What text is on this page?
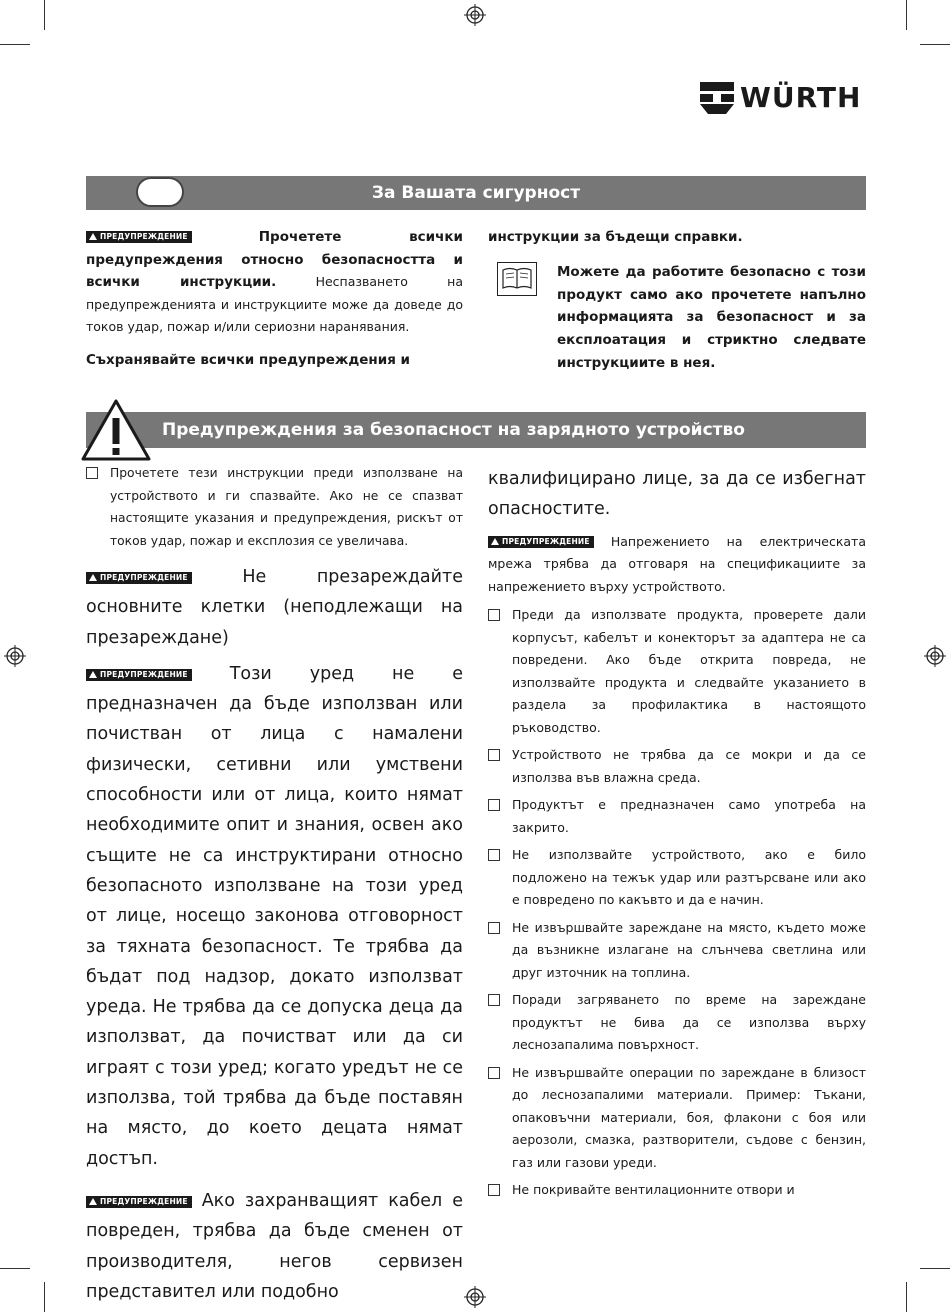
WÜRTH
За Вашата сигурност

ПРЕДУПРЕЖДЕНИЕ	Прочетете всички предупреждения относно безопасността и всички инструкции. Неспазването на предупрежденията и инструкциите може да доведе до токов удар, пожар и/или сериозни наранявания.

Съхранявайте всички предупреждения и

инструкции за бъдещи справки.
Можете да работите безопасно с този продукт само ако прочетете напълно информацията за безопасност и за експлоатация и стриктно следвате инструкциите в нея.
Предупреждения за безопасност на зарядното устройство
Прочетете тези инструкции преди използване на устройството и ги спазвайте. Ако не се спазват настоящите указания и предупреждения, рискът от токов удар, пожар и експлозия се увеличава.

ПРЕДУПРЕЖДЕНИЕ	Не презареждайте основните клетки (неподлежащи на презареждане)

ПРЕДУПРЕЖДЕНИЕ Този уред не е предназначен да бъде използван или почистван от лица с намалени физически, сетивни или умствени способности или от лица, които нямат необходимите опит и знания, освен ако същите не са инструктирани относно безопасното използване на този уред от лице, носещо законова отговорност за тяхната безопасност. Те трябва да бъдат под надзор, докато използват уреда. Не трябва да се допуска деца да използват, да почистват или да си играят с този уред; когато уредът не се използва, той трябва да бъде поставян на място, до което децата нямат достъп.

ПРЕДУПРЕЖДЕНИЕ Ако захранващият кабел е повреден, трябва да бъде сменен от производителя, негов сервизен представител или подобно

квалифицирано лице, за да се избегнат опасностите.

ПРЕДУПРЕЖДЕНИЕ Напрежението на електрическата мрежа трябва да отговаря на спецификациите за напрежението върху устройството.

Преди да използвате продукта, проверете дали корпусът, кабелът и конекторът за адаптера не са повредени. Ако бъде открита повреда, не използвайте продукта и следвайте указанието в раздела за профилактика в настоящото ръководство.
Устройството не трябва да се мокри и да се използва във влажна среда.
Продуктът е предназначен само употреба на закрито.
Не използвайте устройството, ако е било подложено на тежък удар или разтърсване или ако е повредено по какъвто и да е начин.
Не извършвайте зареждане на място, където може да възникне излагане на слънчева светлина или друг източник на топлина.
Поради загряването по време на зареждане продуктът не бива да се използва върху леснозапалима повърхност.
Не извършвайте операции по зареждане в близост до леснозапалими материали. Пример: Тъкани, опаковъчни материали, боя, флакони с боя или аерозоли, смазка, разтворители, съдове с бензин, газ или газови уреди.
Не покривайте вентилационните отвори и
